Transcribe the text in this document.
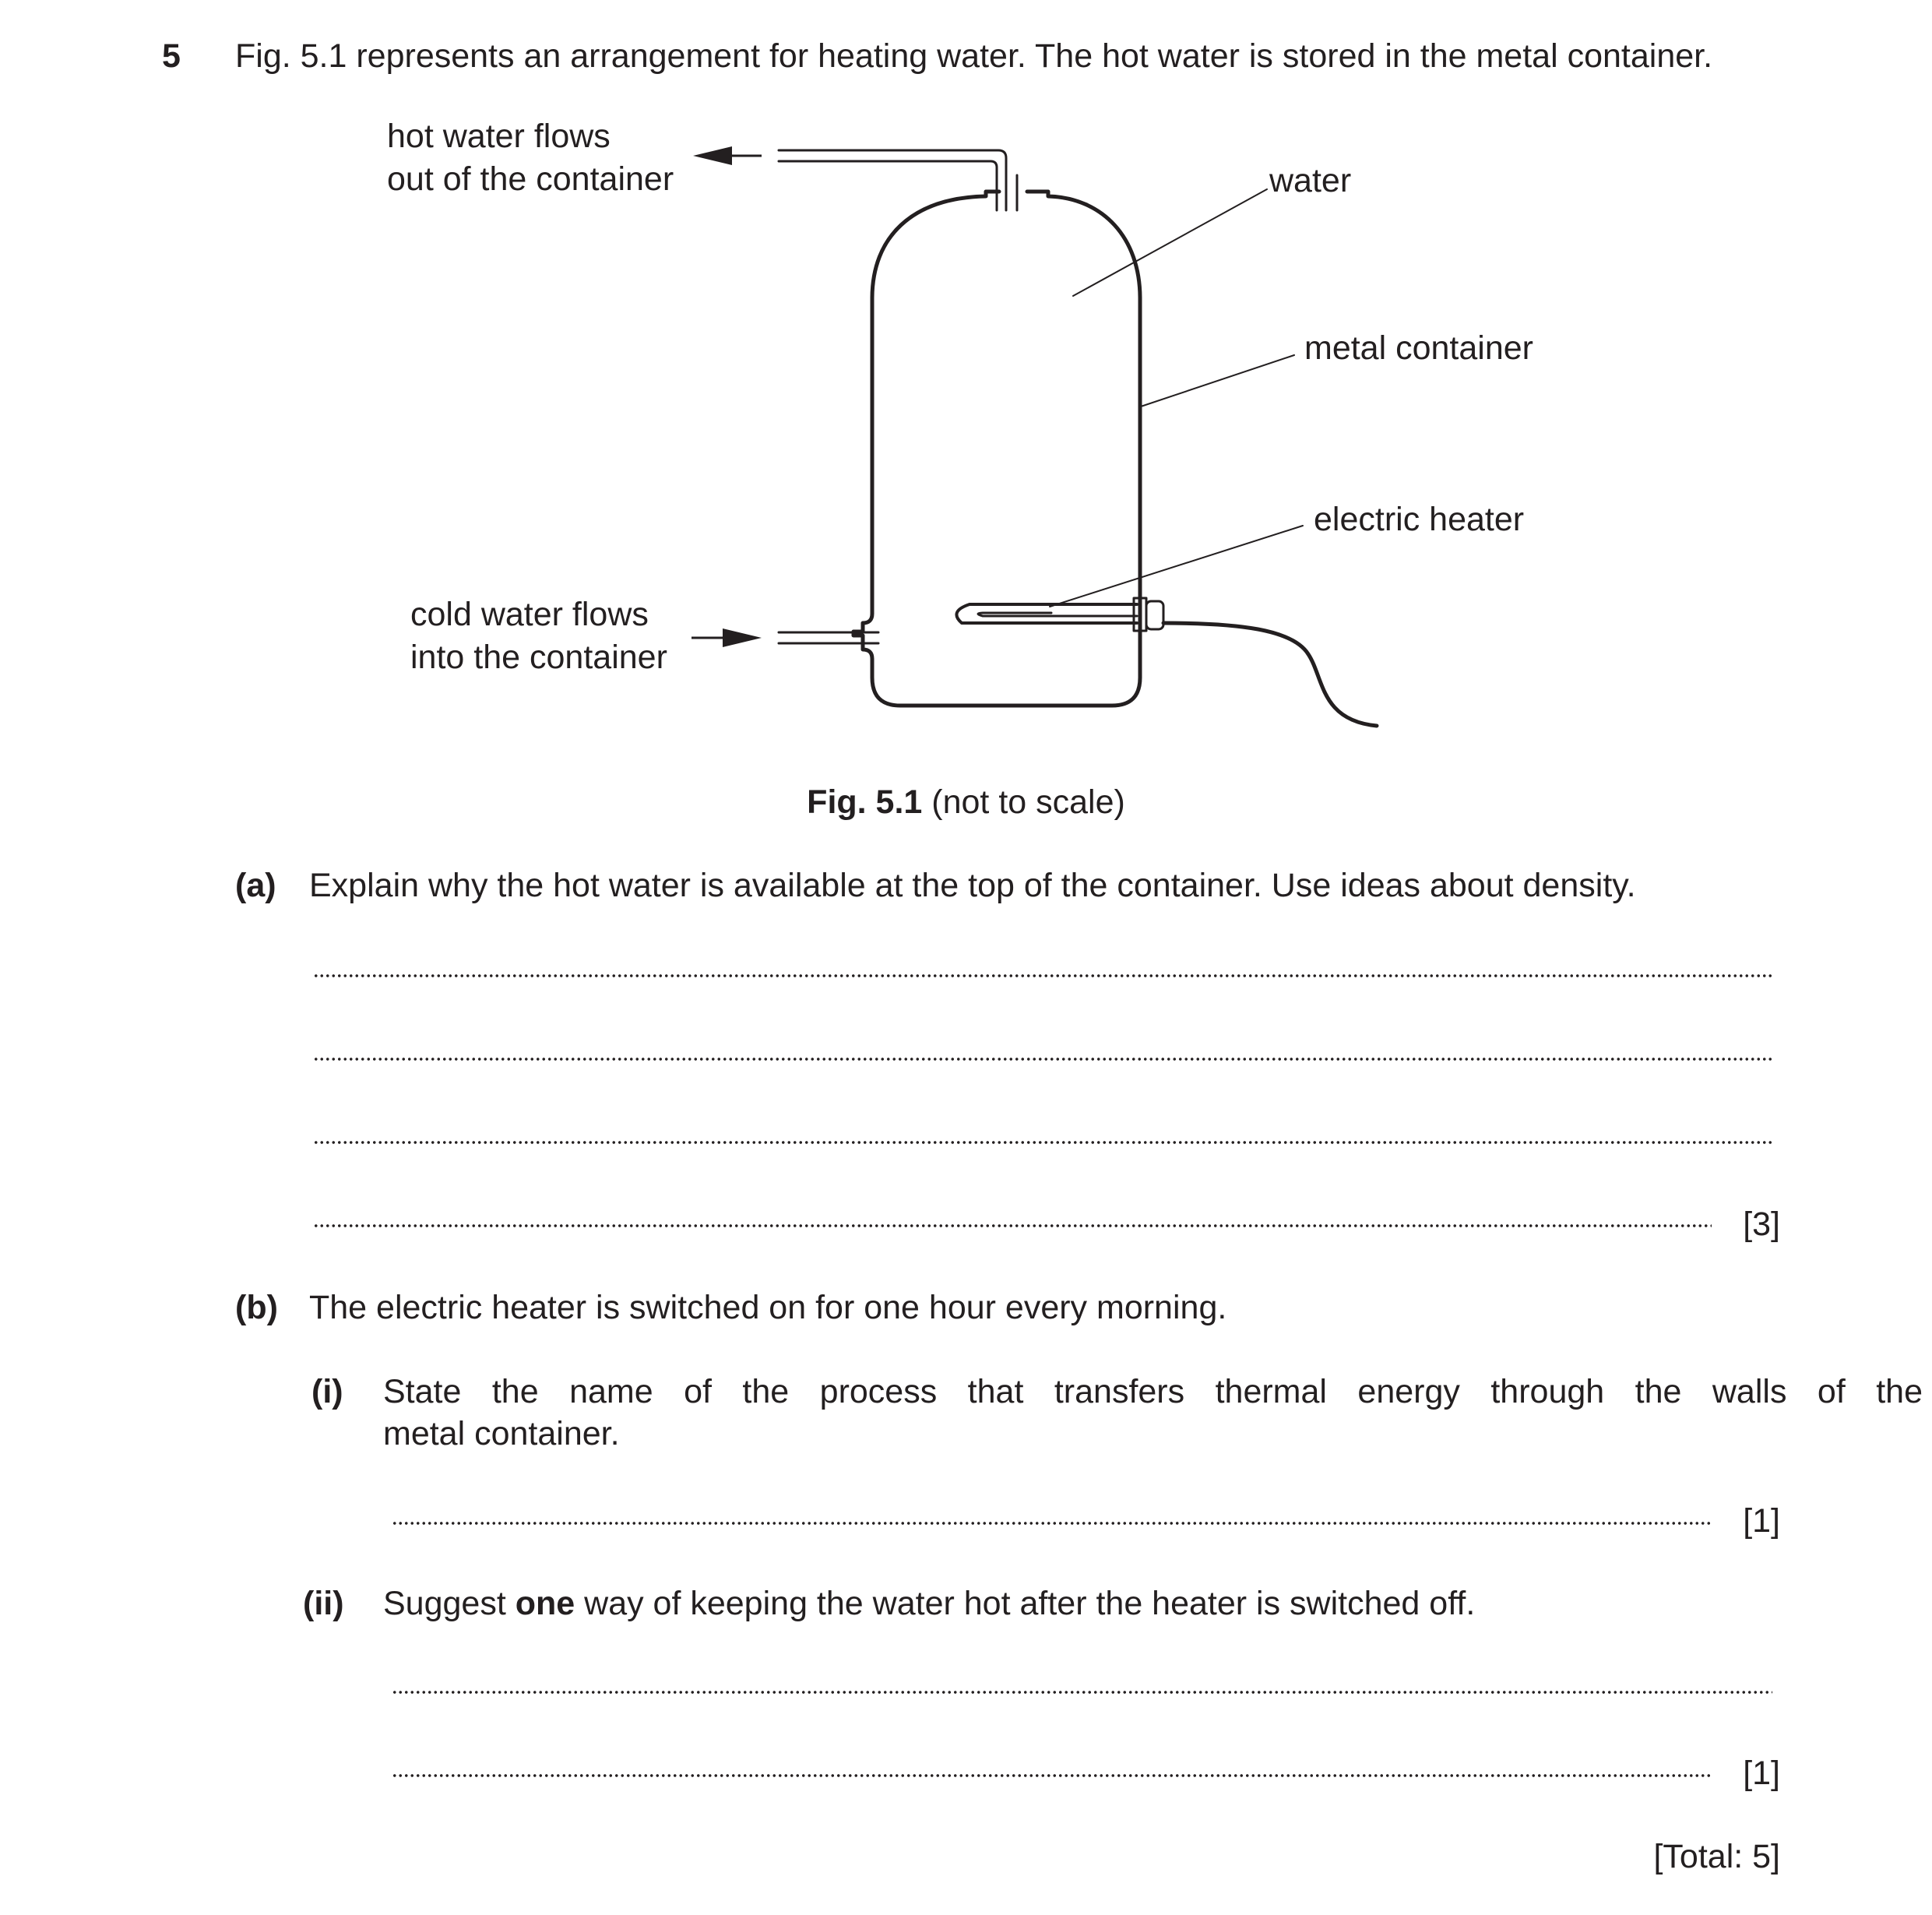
5 Fig. 5.1 represents an arrangement for heating water. The hot water is stored in the metal container.
hot water flows
out of the container	water
metal container
electric heater
cold water flows
into the container
Fig. 5.1 (not to scale)
(a) Explain why the hot water is available at the top of the container. Use ideas about density.
[3]
(b) The electric heater is switched on for one hour every morning.
(i) State the name of the process that transfers thermal energy through the walls of the
metal container.
[1]
(ii) Suggest one way of keeping the water hot after the heater is switched off.
[1]
[Total: 5]
